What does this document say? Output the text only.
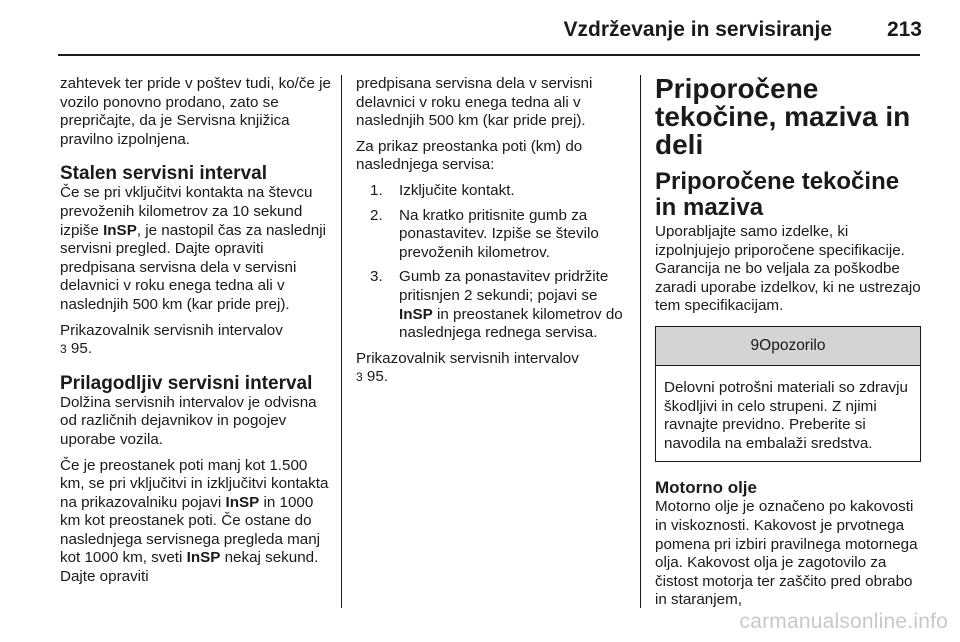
Vzdrževanje in servisiranje	213

zahtevek ter pride v poštev tudi, ko/če je vozilo ponovno prodano, zato se prepričajte, da je Servisna knjižica pravilno izpolnjena.

Stalen servisni interval

Če se pri vključitvi kontakta na števcu prevoženih kilometrov za 10 sekund izpiše InSP, je nastopil čas za naslednji servisni pregled. Dajte opraviti predpisana servisna dela v servisni delavnici v roku enega tedna ali v naslednjih 500 km (kar pride prej).

Prikazovalnik servisnih intervalov
3 95.

Prilagodljiv servisni interval

Dolžina servisnih intervalov je odvisna od različnih dejavnikov in pogojev uporabe vozila.

Če je preostanek poti manj kot 1.500 km, se pri vključitvi in izključitvi kontakta na prikazovalniku pojavi InSP in 1000 km kot preostanek poti. Če ostane do naslednjega servisnega pregleda manj kot 1000 km, sveti InSP nekaj sekund. Dajte opraviti

predpisana servisna dela v servisni delavnici v roku enega tedna ali v naslednjih 500 km (kar pride prej).

Za prikaz preostanka poti (km) do naslednjega servisa:

1. Izključite kontakt.
2. Na kratko pritisnite gumb za ponastavitev. Izpiše se število prevoženih kilometrov.
3. Gumb za ponastavitev pridržite pritisnjen 2 sekundi; pojavi se InSP in preostanek kilometrov do naslednjega rednega servisa.

Prikazovalnik servisnih intervalov
3 95.

Priporočene tekočine, maziva in deli
Priporočene tekočine in maziva

Uporabljajte samo izdelke, ki izpolnjujejo priporočene specifikacije. Garancija ne bo veljala za poškodbe zaradi uporabe izdelkov, ki ne ustrezajo tem specifikacijam.

9Opozorilo
Delovni potrošni materiali so zdravju škodljivi in celo strupeni. Z njimi ravnajte previdno. Preberite si navodila na embalaži sredstva.
Motorno olje

Motorno olje je označeno po kakovosti in viskoznosti. Kakovost je prvotnega pomena pri izbiri pravilnega motornega olja. Kakovost olja je zagotovilo za čistost motorja ter zaščito pred obrabo in staranjem,

carmanualsonline.info
